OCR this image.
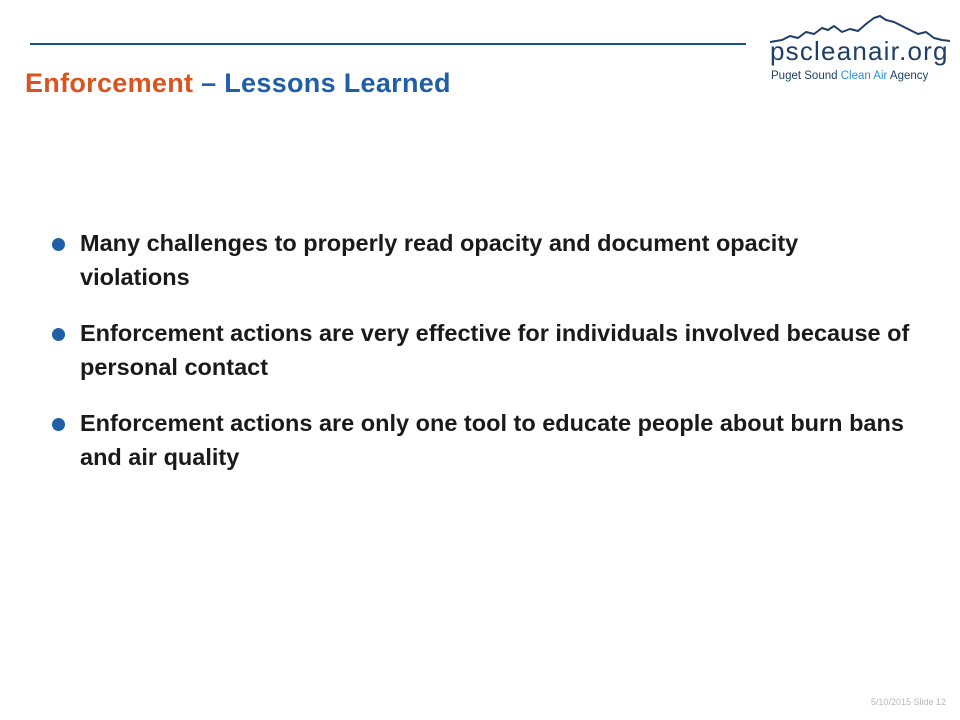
Enforcement – Lessons Learned
pscleanair.org
Puget Sound Clean Air Agency
Many challenges to properly read opacity and document opacity violations
Enforcement actions are very effective for individuals involved because of personal contact
Enforcement actions are only one tool to educate people about burn bans and air quality
5/10/2015 Slide 12
